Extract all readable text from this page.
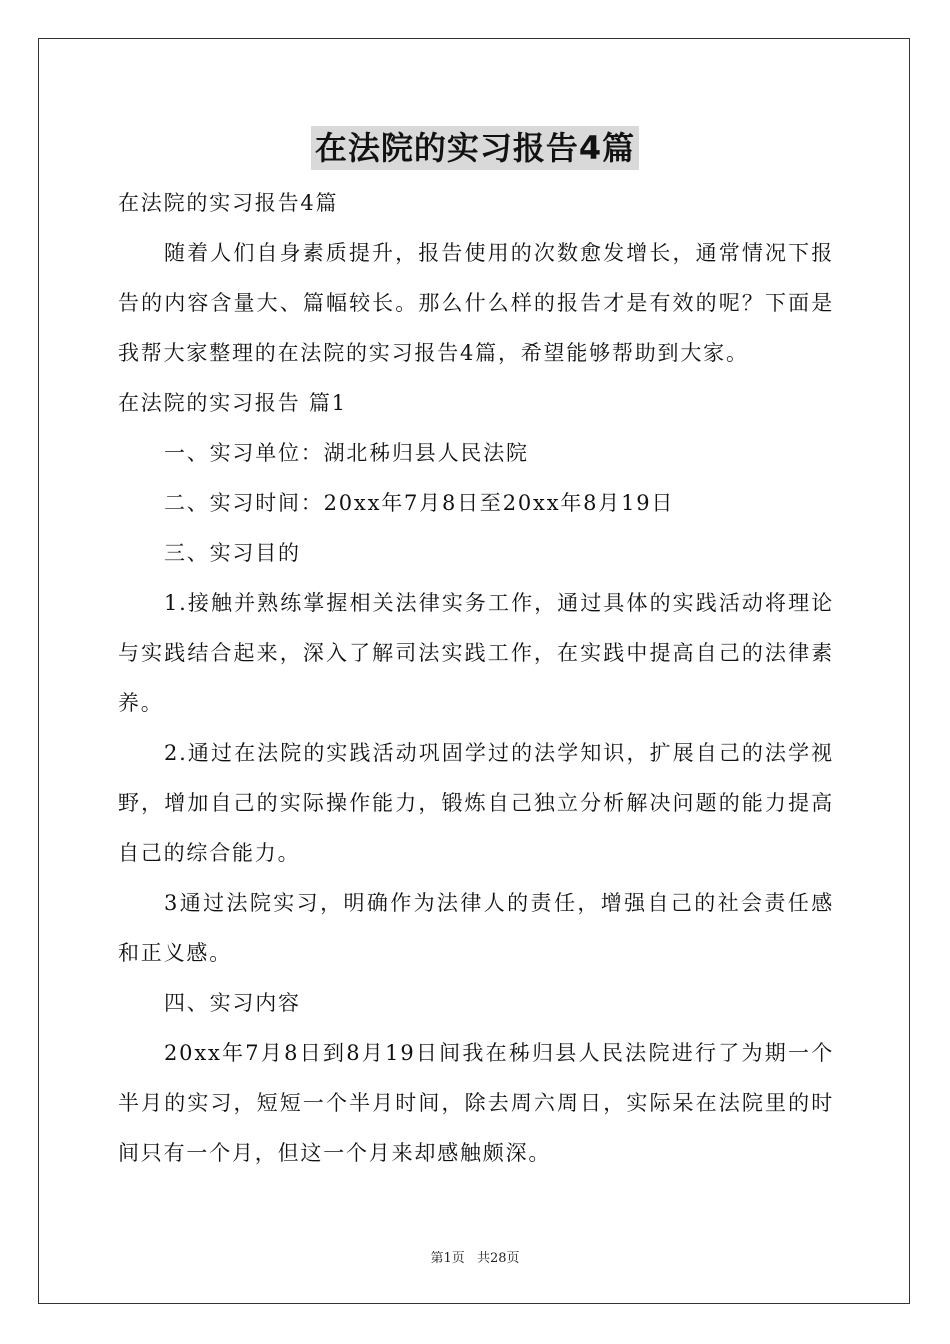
在法院的实习报告4篇

在法院的实习报告4篇

随着人们自身素质提升，报告使用的次数愈发增长，通常情况下报告的内容含量大、篇幅较长。那么什么样的报告才是有效的呢？下面是我帮大家整理的在法院的实习报告4篇，希望能够帮助到大家。

在法院的实习报告 篇1

一、实习单位：湖北秭归县人民法院

二、实习时间：20xx年7月8日至20xx年8月19日

三、实习目的

1.接触并熟练掌握相关法律实务工作，通过具体的实践活动将理论与实践结合起来，深入了解司法实践工作，在实践中提高自己的法律素养。

2.通过在法院的实践活动巩固学过的法学知识，扩展自己的法学视野，增加自己的实际操作能力，锻炼自己独立分析解决问题的能力提高自己的综合能力。

3通过法院实习，明确作为法律人的责任，增强自己的社会责任感和正义感。

四、实习内容

20xx年7月8日到8月19日间我在秭归县人民法院进行了为期一个半月的实习，短短一个半月时间，除去周六周日，实际呆在法院里的时间只有一个月，但这一个月来却感触颇深。

第1页 共28页
